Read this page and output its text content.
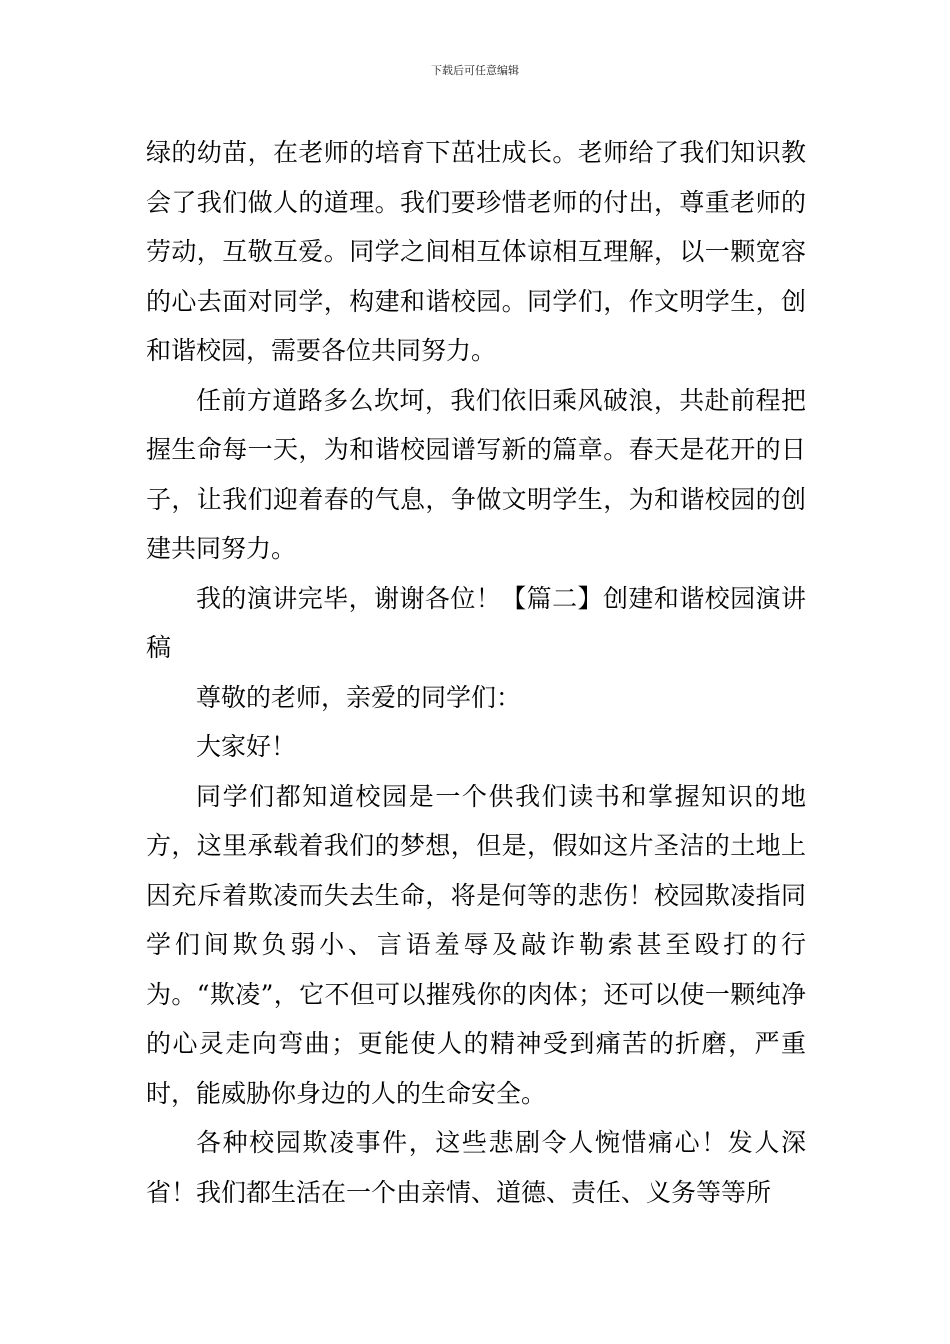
下载后可任意编辑

绿的幼苗，在老师的培育下茁壮成长。老师给了我们知识教会了我们做人的道理。我们要珍惜老师的付出，尊重老师的劳动，互敬互爱。同学之间相互体谅相互理解，以一颗宽容的心去面对同学，构建和谐校园。同学们，作文明学生，创和谐校园，需要各位共同努力。

任前方道路多么坎坷，我们依旧乘风破浪，共赴前程把握生命每一天，为和谐校园谱写新的篇章。春天是花开的日子，让我们迎着春的气息，争做文明学生，为和谐校园的创建共同努力。

我的演讲完毕，谢谢各位！【篇二】创建和谐校园演讲稿

尊敬的老师，亲爱的同学们：

大家好！

同学们都知道校园是一个供我们读书和掌握知识的地方，这里承载着我们的梦想，但是，假如这片圣洁的土地上因充斥着欺凌而失去生命，将是何等的悲伤！校园欺凌指同学们间欺负弱小、言语羞辱及敲诈勒索甚至殴打的行为。“欺凌”，它不但可以摧残你的肉体；还可以使一颗纯净的心灵走向弯曲；更能使人的精神受到痛苦的折磨，严重时，能威胁你身边的人的生命安全。

各种校园欺凌事件，这些悲剧令人惋惜痛心！发人深省！我们都生活在一个由亲情、道德、责任、义务等等所
